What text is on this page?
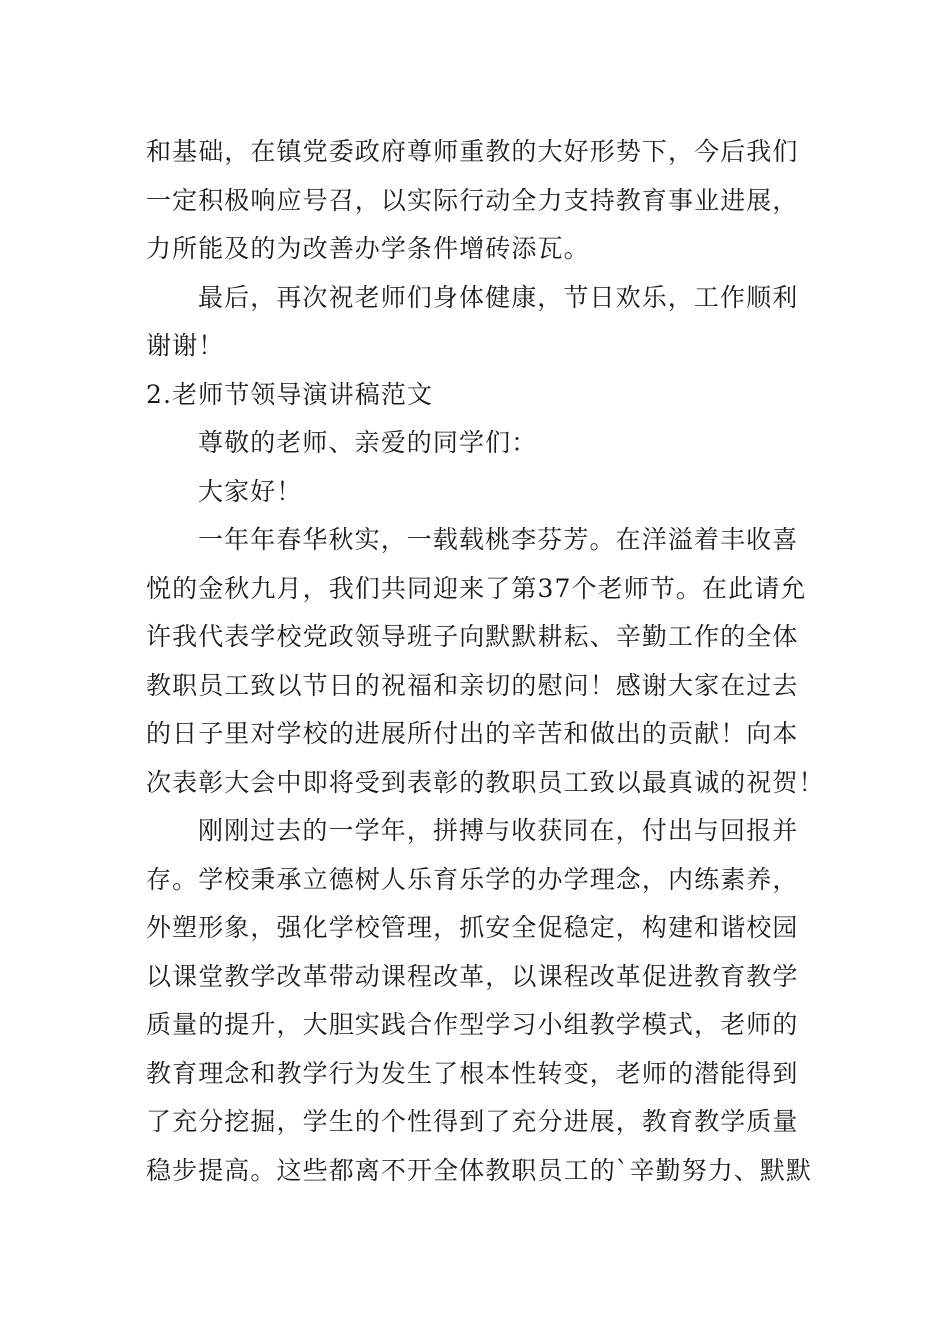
和基础，在镇党委政府尊师重教的大好形势下，今后我们
一定积极响应号召，以实际行动全力支持教育事业进展，
力所能及的为改善办学条件增砖添瓦。
最后，再次祝老师们身体健康，节日欢乐，工作顺利
谢谢！
2.老师节领导演讲稿范文
尊敬的老师、亲爱的同学们：
大家好！
一年年春华秋实，一载载桃李芬芳。在洋溢着丰收喜
悦的金秋九月，我们共同迎来了第37个老师节。在此请允
许我代表学校党政领导班子向默默耕耘、辛勤工作的全体
教职员工致以节日的祝福和亲切的慰问！感谢大家在过去
的日子里对学校的进展所付出的辛苦和做出的贡献！向本
次表彰大会中即将受到表彰的教职员工致以最真诚的祝贺！
刚刚过去的一学年，拼搏与收获同在，付出与回报并
存。学校秉承立德树人乐育乐学的办学理念，内练素养，
外塑形象，强化学校管理，抓安全促稳定，构建和谐校园
以课堂教学改革带动课程改革，以课程改革促进教育教学
质量的提升，大胆实践合作型学习小组教学模式，老师的
教育理念和教学行为发生了根本性转变，老师的潜能得到
了充分挖掘，学生的个性得到了充分进展，教育教学质量
稳步提高。这些都离不开全体教职员工的`辛勤努力、默默
